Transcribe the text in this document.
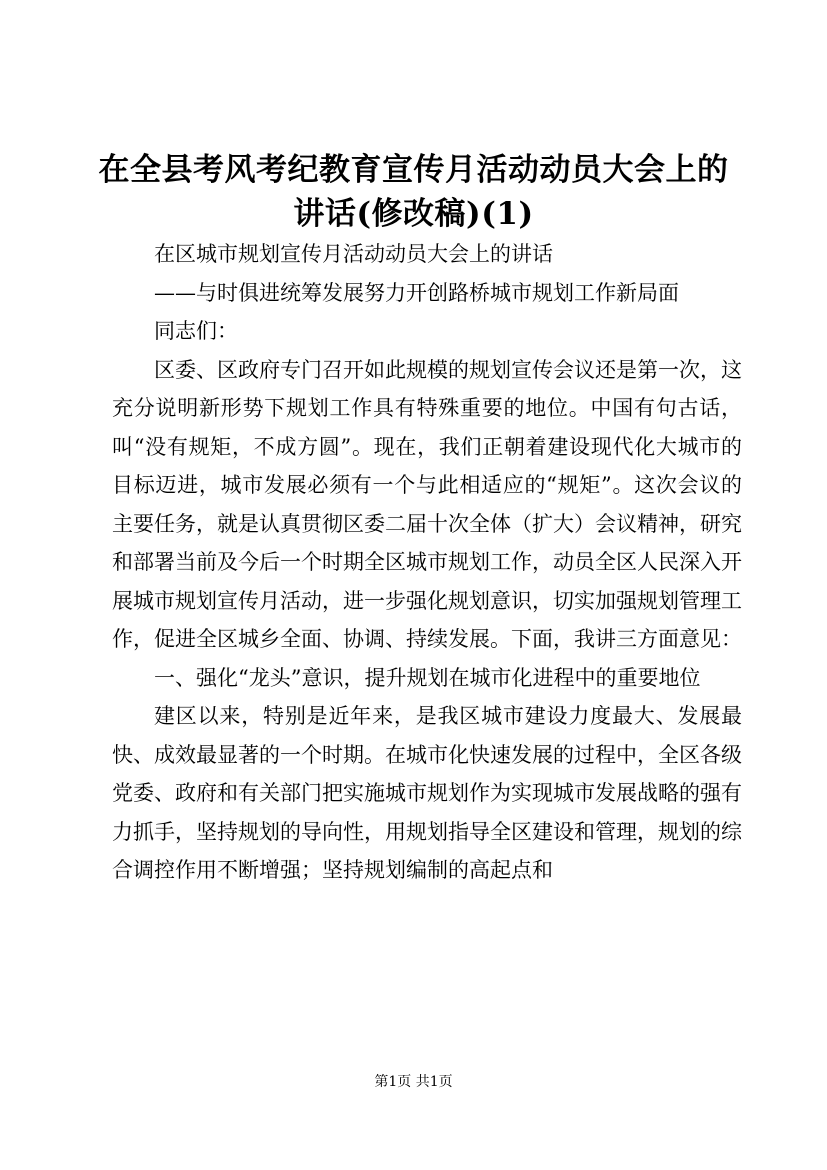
在全县考风考纪教育宣传月活动动员大会上的
讲话(修改稿)(1)

在区城市规划宣传月活动动员大会上的讲话

——与时俱进统筹发展努力开创路桥城市规划工作新局面

同志们：

区委、区政府专门召开如此规模的规划宣传会议还是第一次，这充分说明新形势下规划工作具有特殊重要的地位。中国有句古话，叫“没有规矩，不成方圆”。现在，我们正朝着建设现代化大城市的目标迈进，城市发展必须有一个与此相适应的“规矩”。这次会议的主要任务，就是认真贯彻区委二届十次全体（扩大）会议精神，研究和部署当前及今后一个时期全区城市规划工作，动员全区人民深入开展城市规划宣传月活动，进一步强化规划意识，切实加强规划管理工作，促进全区城乡全面、协调、持续发展。下面，我讲三方面意见：

一、强化“龙头”意识，提升规划在城市化进程中的重要地位

建区以来，特别是近年来，是我区城市建设力度最大、发展最快、成效最显著的一个时期。在城市化快速发展的过程中，全区各级党委、政府和有关部门把实施城市规划作为实现城市发展战略的强有力抓手，坚持规划的导向性，用规划指导全区建设和管理，规划的综合调控作用不断增强；坚持规划编制的高起点和

第1页 共1页
